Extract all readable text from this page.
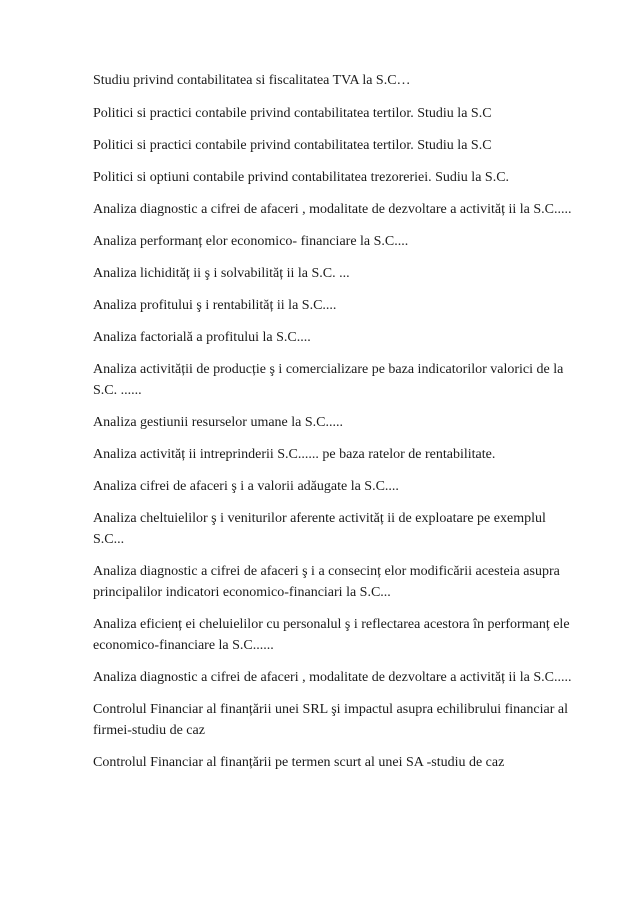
Studiu privind contabilitatea si fiscalitatea TVA la S.C…

Politici si practici contabile privind contabilitatea tertilor. Studiu la S.C

Politici si practici contabile privind contabilitatea tertilor. Studiu la S.C

Politici si optiuni contabile privind contabilitatea trezoreriei. Sudiu la S.C.

Analiza diagnostic a cifrei de afaceri , modalitate de dezvoltare a activităț ii la S.C.....

Analiza performanț elor economico- financiare la S.C....

Analiza lichidităț ii ş i solvabilităț ii la S.C. ...

Analiza profitului ş i rentabilităț ii la S.C....

Analiza factorială a profitului la S.C....

Analiza activității de producție ş i comercializare pe baza indicatorilor valorici de la S.C. ......

Analiza gestiunii resurselor umane la S.C.....

Analiza activităț ii intreprinderii S.C...... pe baza ratelor de rentabilitate.

Analiza cifrei de afaceri ş i a valorii adăugate la S.C....

Analiza cheltuielilor ş i veniturilor aferente activităț ii de exploatare pe exemplul S.C...

Analiza diagnostic a cifrei de afaceri ş i a consecinț elor modificării acesteia asupra principalilor indicatori economico-financiari la S.C...

Analiza eficienț ei cheluielilor cu personalul ş i reflectarea acestora în performanț ele economico-financiare la S.C......

Analiza diagnostic a cifrei de afaceri , modalitate de dezvoltare a activităț ii la S.C.....

Controlul Financiar al finanțării unei SRL şi impactul asupra echilibrului financiar al firmei-studiu de caz

Controlul Financiar al finanțării pe termen scurt al unei SA -studiu de caz
